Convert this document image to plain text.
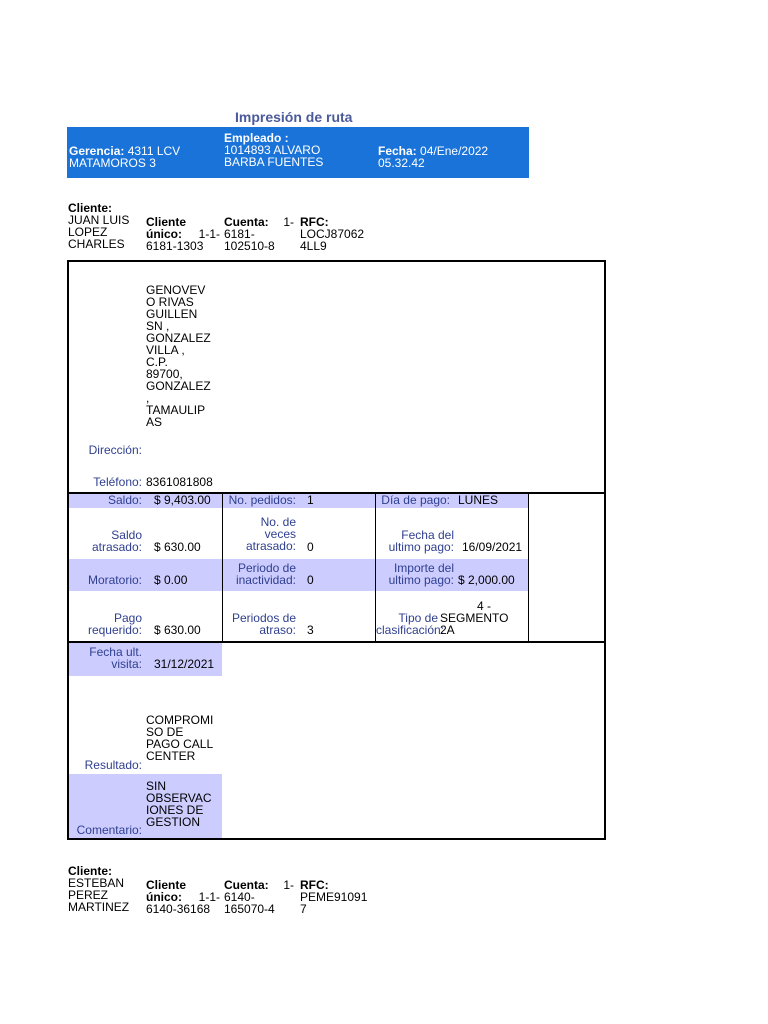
Impresión de ruta
Gerencia: 4311 LCV
MATAMOROS 3
Empleado :
1014893 ALVARO
BARBA FUENTES
Fecha: 04/Ene/2022
05.32.42
Cliente:
JUAN LUIS
LOPEZ
CHARLES
Cliente
único: 1-1-
6181-1303
Cuenta: 1-
6181-
102510-8
RFC:
LOCJ87062
4LL9
GENOVEV
O RIVAS
GUILLEN
SN ,
GONZALEZ
VILLA ,
C.P.
89700,
GONZALEZ
,
TAMAULIP
AS
Dirección:
Teléfono: 8361081808
Saldo: $ 9,403.00	No. pedidos: 1	Día de pago: LUNES
Saldo
atrasado: $ 630.00
No. de
veces
atrasado: 0
Fecha del
ultimo pago: 16/09/2021
Moratorio: $ 0.00
Periodo de
inactividad: 0
Importe del
ultimo pago: $ 2,000.00
Pago
requerido: $ 630.00
Periodos de
atraso: 3
Tipo de
clasificación:
4 -
SEGMENTO
2A
Fecha ult.
visita: 31/12/2021
COMPROMI
SO DE
PAGO CALL
CENTER
Resultado:
SIN
OBSERVAC
IONES DE
GESTION
Comentario:
Cliente:
ESTEBAN
PEREZ
MARTINEZ
Cliente
único: 1-1-
6140-36168
Cuenta: 1-
6140-
165070-4
RFC:
PEME91091
7
